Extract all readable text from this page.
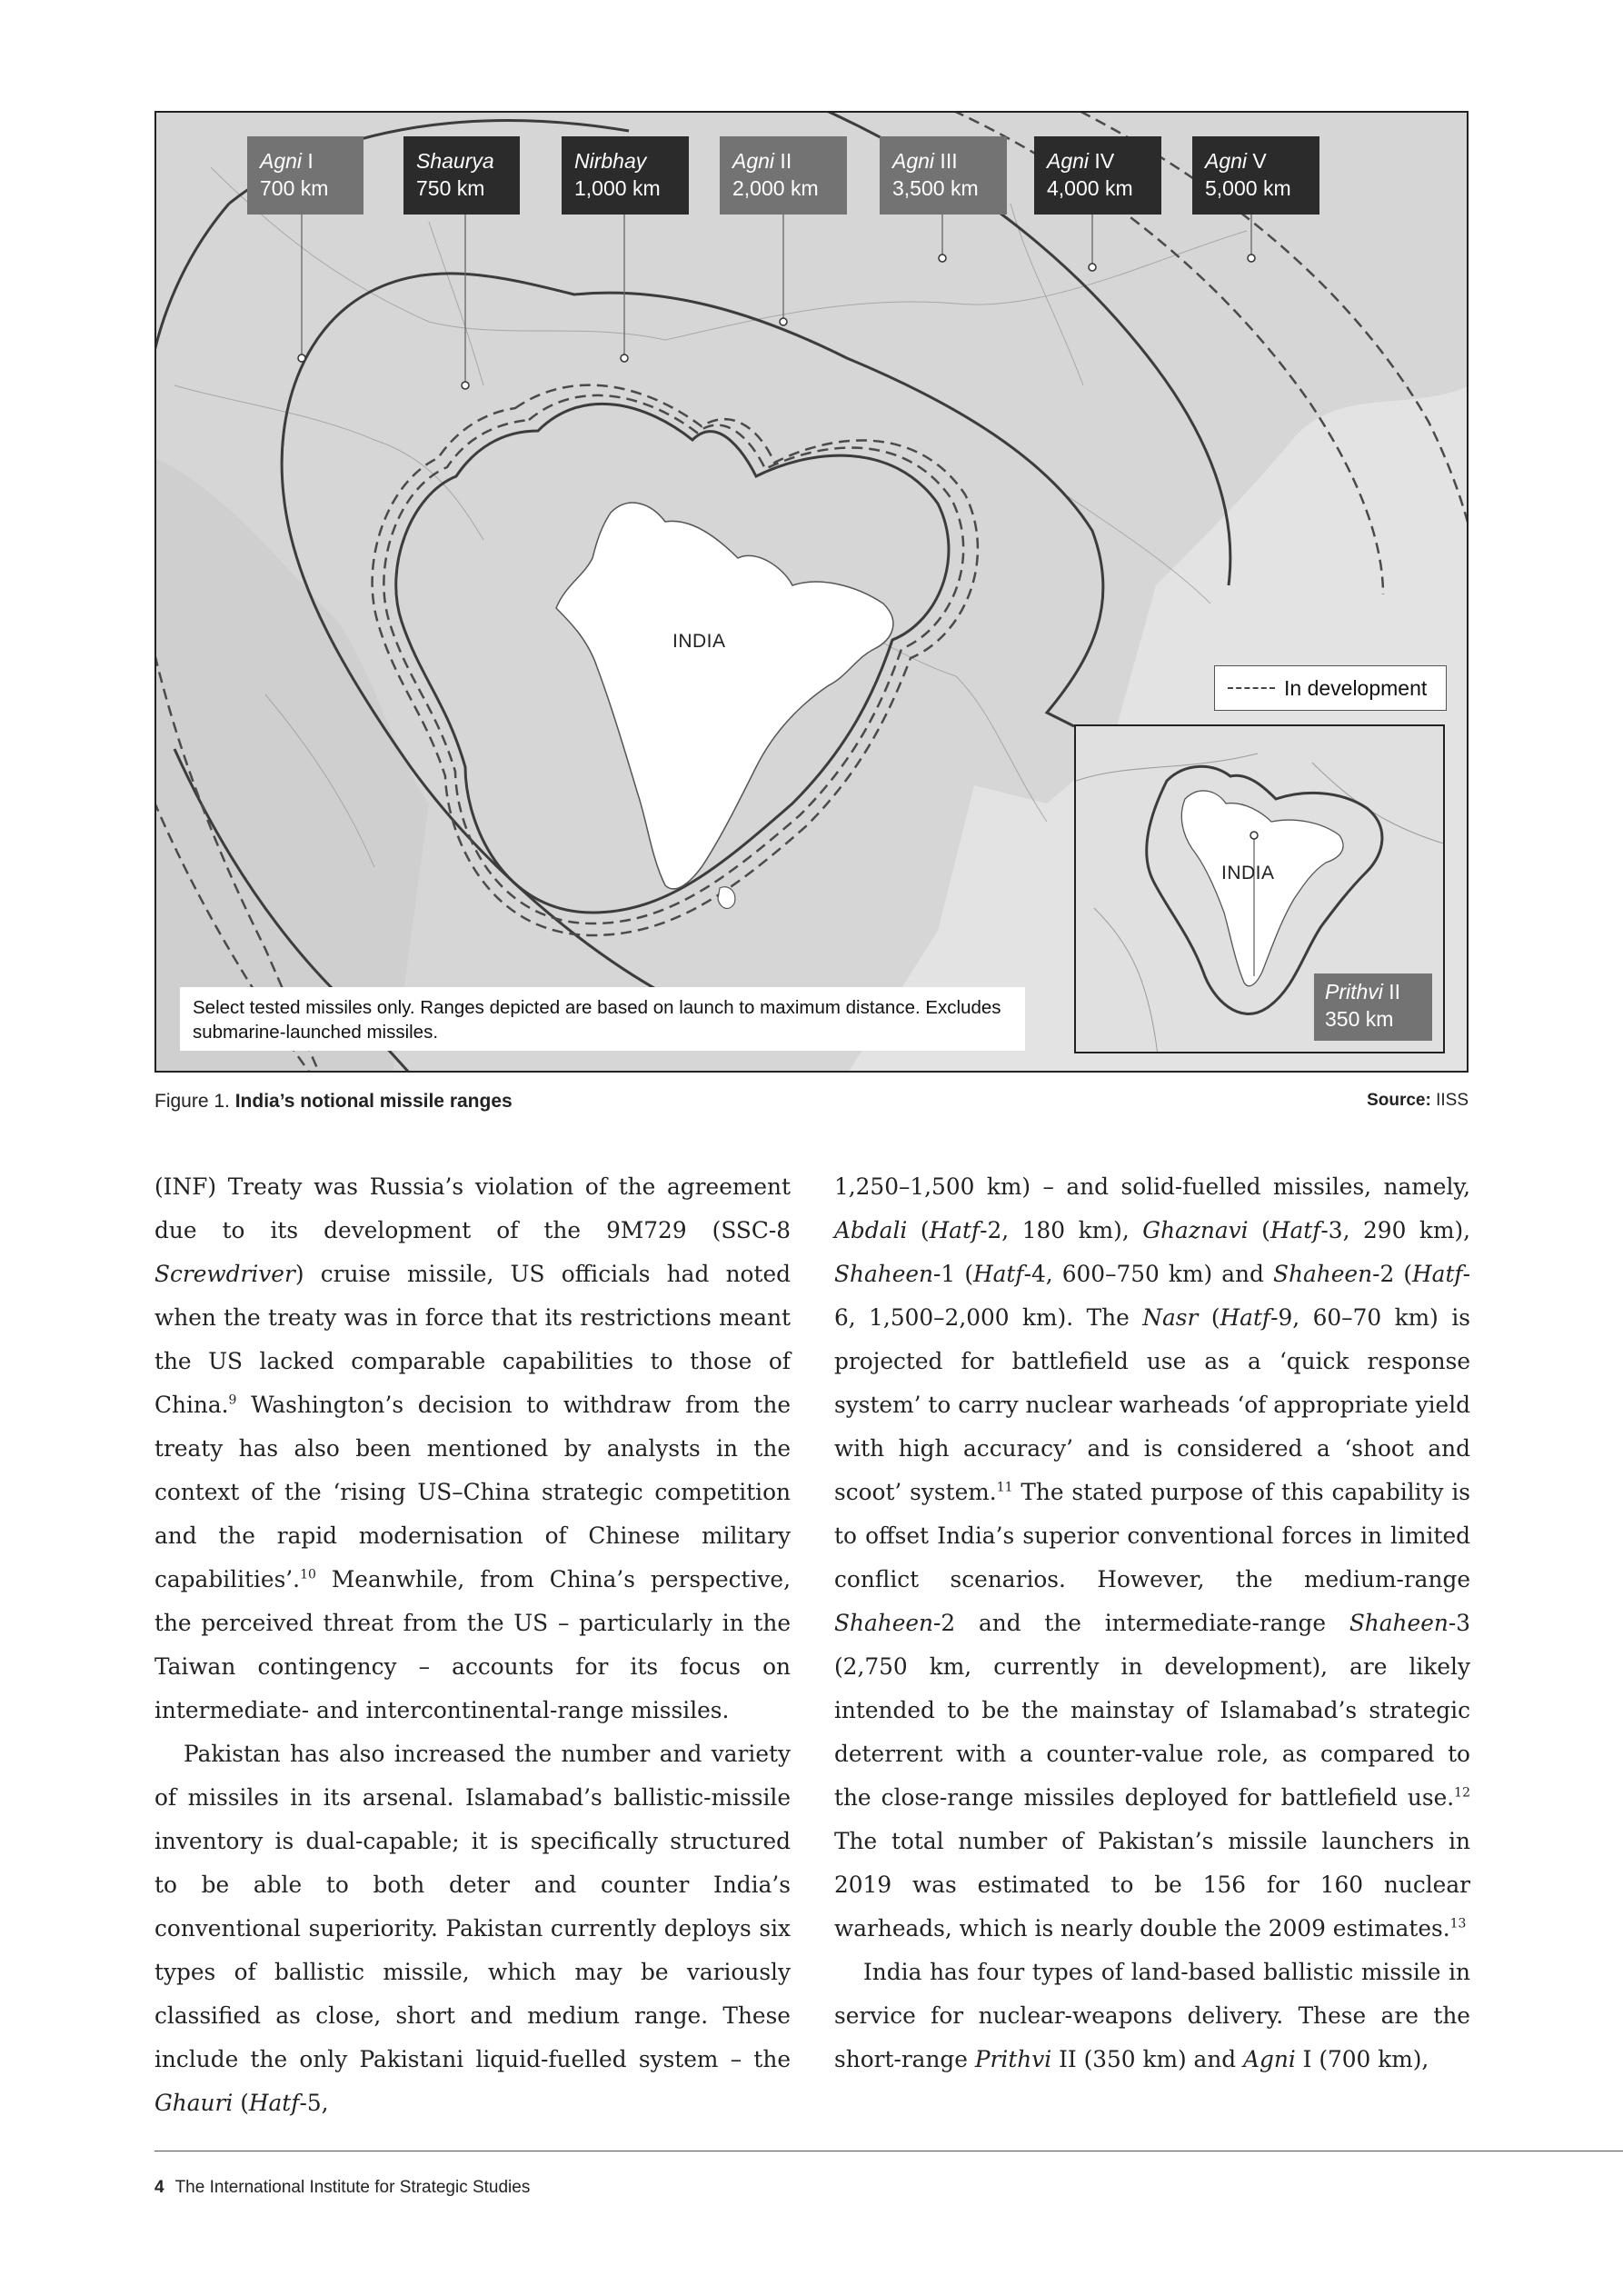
Agni I
700 km
Shaurya
750 km
Nirbhay
1,000 km
Agni II
2,000 km
Agni III
3,500 km
Agni IV
4,000 km
Agni V
5,000 km
INDIA
In development
INDIA
Prithvi II
350 km
Select tested missiles only. Ranges depicted are based on launch to maximum distance. Excludes submarine-launched missiles.
Figure 1. India’s notional missile ranges	Source: IISS

(INF) Treaty was Russia’s violation of the agreement due to its development of the 9M729 (SSC-8 Screwdriver) cruise missile, US officials had noted when the treaty was in force that its restrictions meant the US lacked comparable capabilities to those of China.$^9$ Washington’s decision to withdraw from the treaty has also been mentioned by analysts in the context of the ‘rising US–China strategic competition and the rapid modernisation of Chinese military capabilities’.$^{10}$ Meanwhile, from China’s perspective, the perceived threat from the US – particularly in the Taiwan contingency – accounts for its focus on intermediate- and intercontinental-range missiles.

Pakistan has also increased the number and variety of missiles in its arsenal. Islamabad’s ballistic-missile inventory is dual-capable; it is specifically structured to be able to both deter and counter India’s conventional superiority. Pakistan currently deploys six types of ballistic missile, which may be variously classified as close, short and medium range. These include the only Pakistani liquid-fuelled system – the Ghauri (Hatf-5,

1,250–1,500 km) – and solid-fuelled missiles, namely, Abdali (Hatf-2, 180 km), Ghaznavi (Hatf-3, 290 km), Shaheen-1 (Hatf-4, 600–750 km) and Shaheen-2 (Hatf-6, 1,500–2,000 km). The Nasr (Hatf-9, 60–70 km) is projected for battlefield use as a ‘quick response system’ to carry nuclear warheads ‘of appropriate yield with high accuracy’ and is considered a ‘shoot and scoot’ system.$^{11}$ The stated purpose of this capability is to offset India’s superior conventional forces in limited conflict scenarios. However, the medium-range Shaheen-2 and the intermediate-range Shaheen-3 (2,750 km, currently in development), are likely intended to be the mainstay of Islamabad’s strategic deterrent with a counter-value role, as compared to the close-range missiles deployed for battlefield use.$^{12}$ The total number of Pakistan’s missile launchers in 2019 was estimated to be 156 for 160 nuclear warheads, which is nearly double the 2009 estimates.$^{13}$

India has four types of land-based ballistic missile in service for nuclear-weapons delivery. These are the short-range Prithvi II (350 km) and Agni I (700 km),

4 The International Institute for Strategic Studies
